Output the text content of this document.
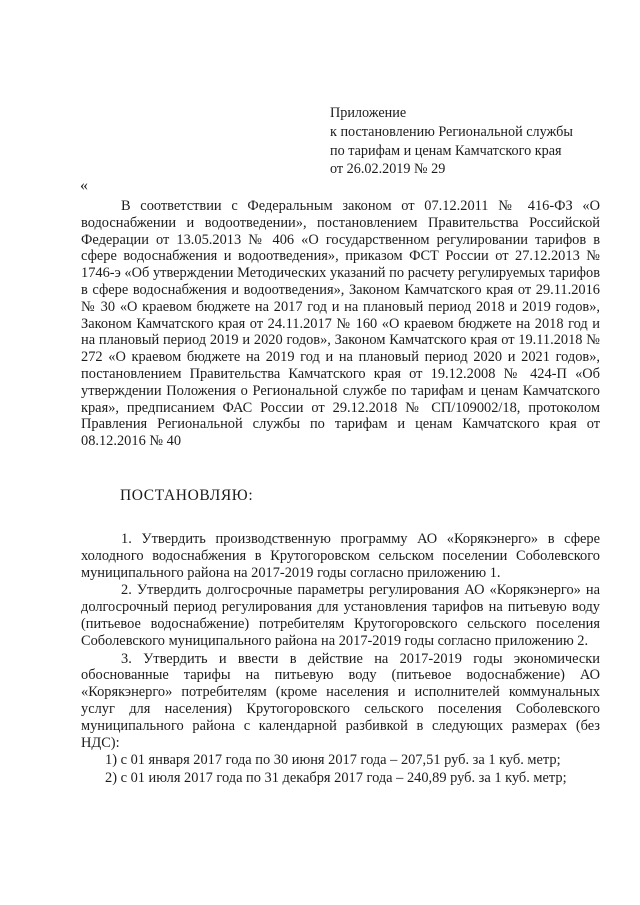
Приложение
к постановлению Региональной службы
по тарифам и ценам Камчатского края
от 26.02.2019 № 29
«

В соответствии с Федеральным законом от 07.12.2011 № 416-ФЗ «О водоснабжении и водоотведении», постановлением Правительства Российской Федерации от 13.05.2013 № 406 «О государственном регулировании тарифов в сфере водоснабжения и водоотведения», приказом ФСТ России от 27.12.2013 № 1746-э «Об утверждении Методических указаний по расчету регулируемых тарифов в сфере водоснабжения и водоотведения», Законом Камчатского края от 29.11.2016 № 30 «О краевом бюджете на 2017 год и на плановый период 2018 и 2019 годов», Законом Камчатского края от 24.11.2017 № 160 «О краевом бюджете на 2018 год и на плановый период 2019 и 2020 годов», Законом Камчатского края от 19.11.2018 № 272 «О краевом бюджете на 2019 год и на плановый период 2020 и 2021 годов», постановлением Правительства Камчатского края от 19.12.2008 № 424-П «Об утверждении Положения о Региональной службе по тарифам и ценам Камчатского края», предписанием ФАС России от 29.12.2018 № СП/109002/18, протоколом Правления Региональной службы по тарифам и ценам Камчатского края от 08.12.2016 № 40

ПОСТАНОВЛЯЮ:

1. Утвердить производственную программу АО «Корякэнерго» в сфере холодного водоснабжения в Крутогоровском сельском поселении Соболевского муниципального района на 2017-2019 годы согласно приложению 1.

2. Утвердить долгосрочные параметры регулирования АО «Корякэнерго» на долгосрочный период регулирования для установления тарифов на питьевую воду (питьевое водоснабжение) потребителям Крутогоровского сельского поселения Соболевского муниципального района на 2017-2019 годы согласно приложению 2.

3. Утвердить и ввести в действие на 2017-2019 годы экономически обоснованные тарифы на питьевую воду (питьевое водоснабжение) АО «Корякэнерго» потребителям (кроме населения и исполнителей коммунальных услуг для населения) Крутогоровского сельского поселения Соболевского муниципального района с календарной разбивкой в следующих размерах (без НДС):

1) с 01 января 2017 года по 30 июня 2017 года – 207,51 руб. за 1 куб. метр;

2) с 01 июля 2017 года по 31 декабря 2017 года – 240,89 руб. за 1 куб. метр;
